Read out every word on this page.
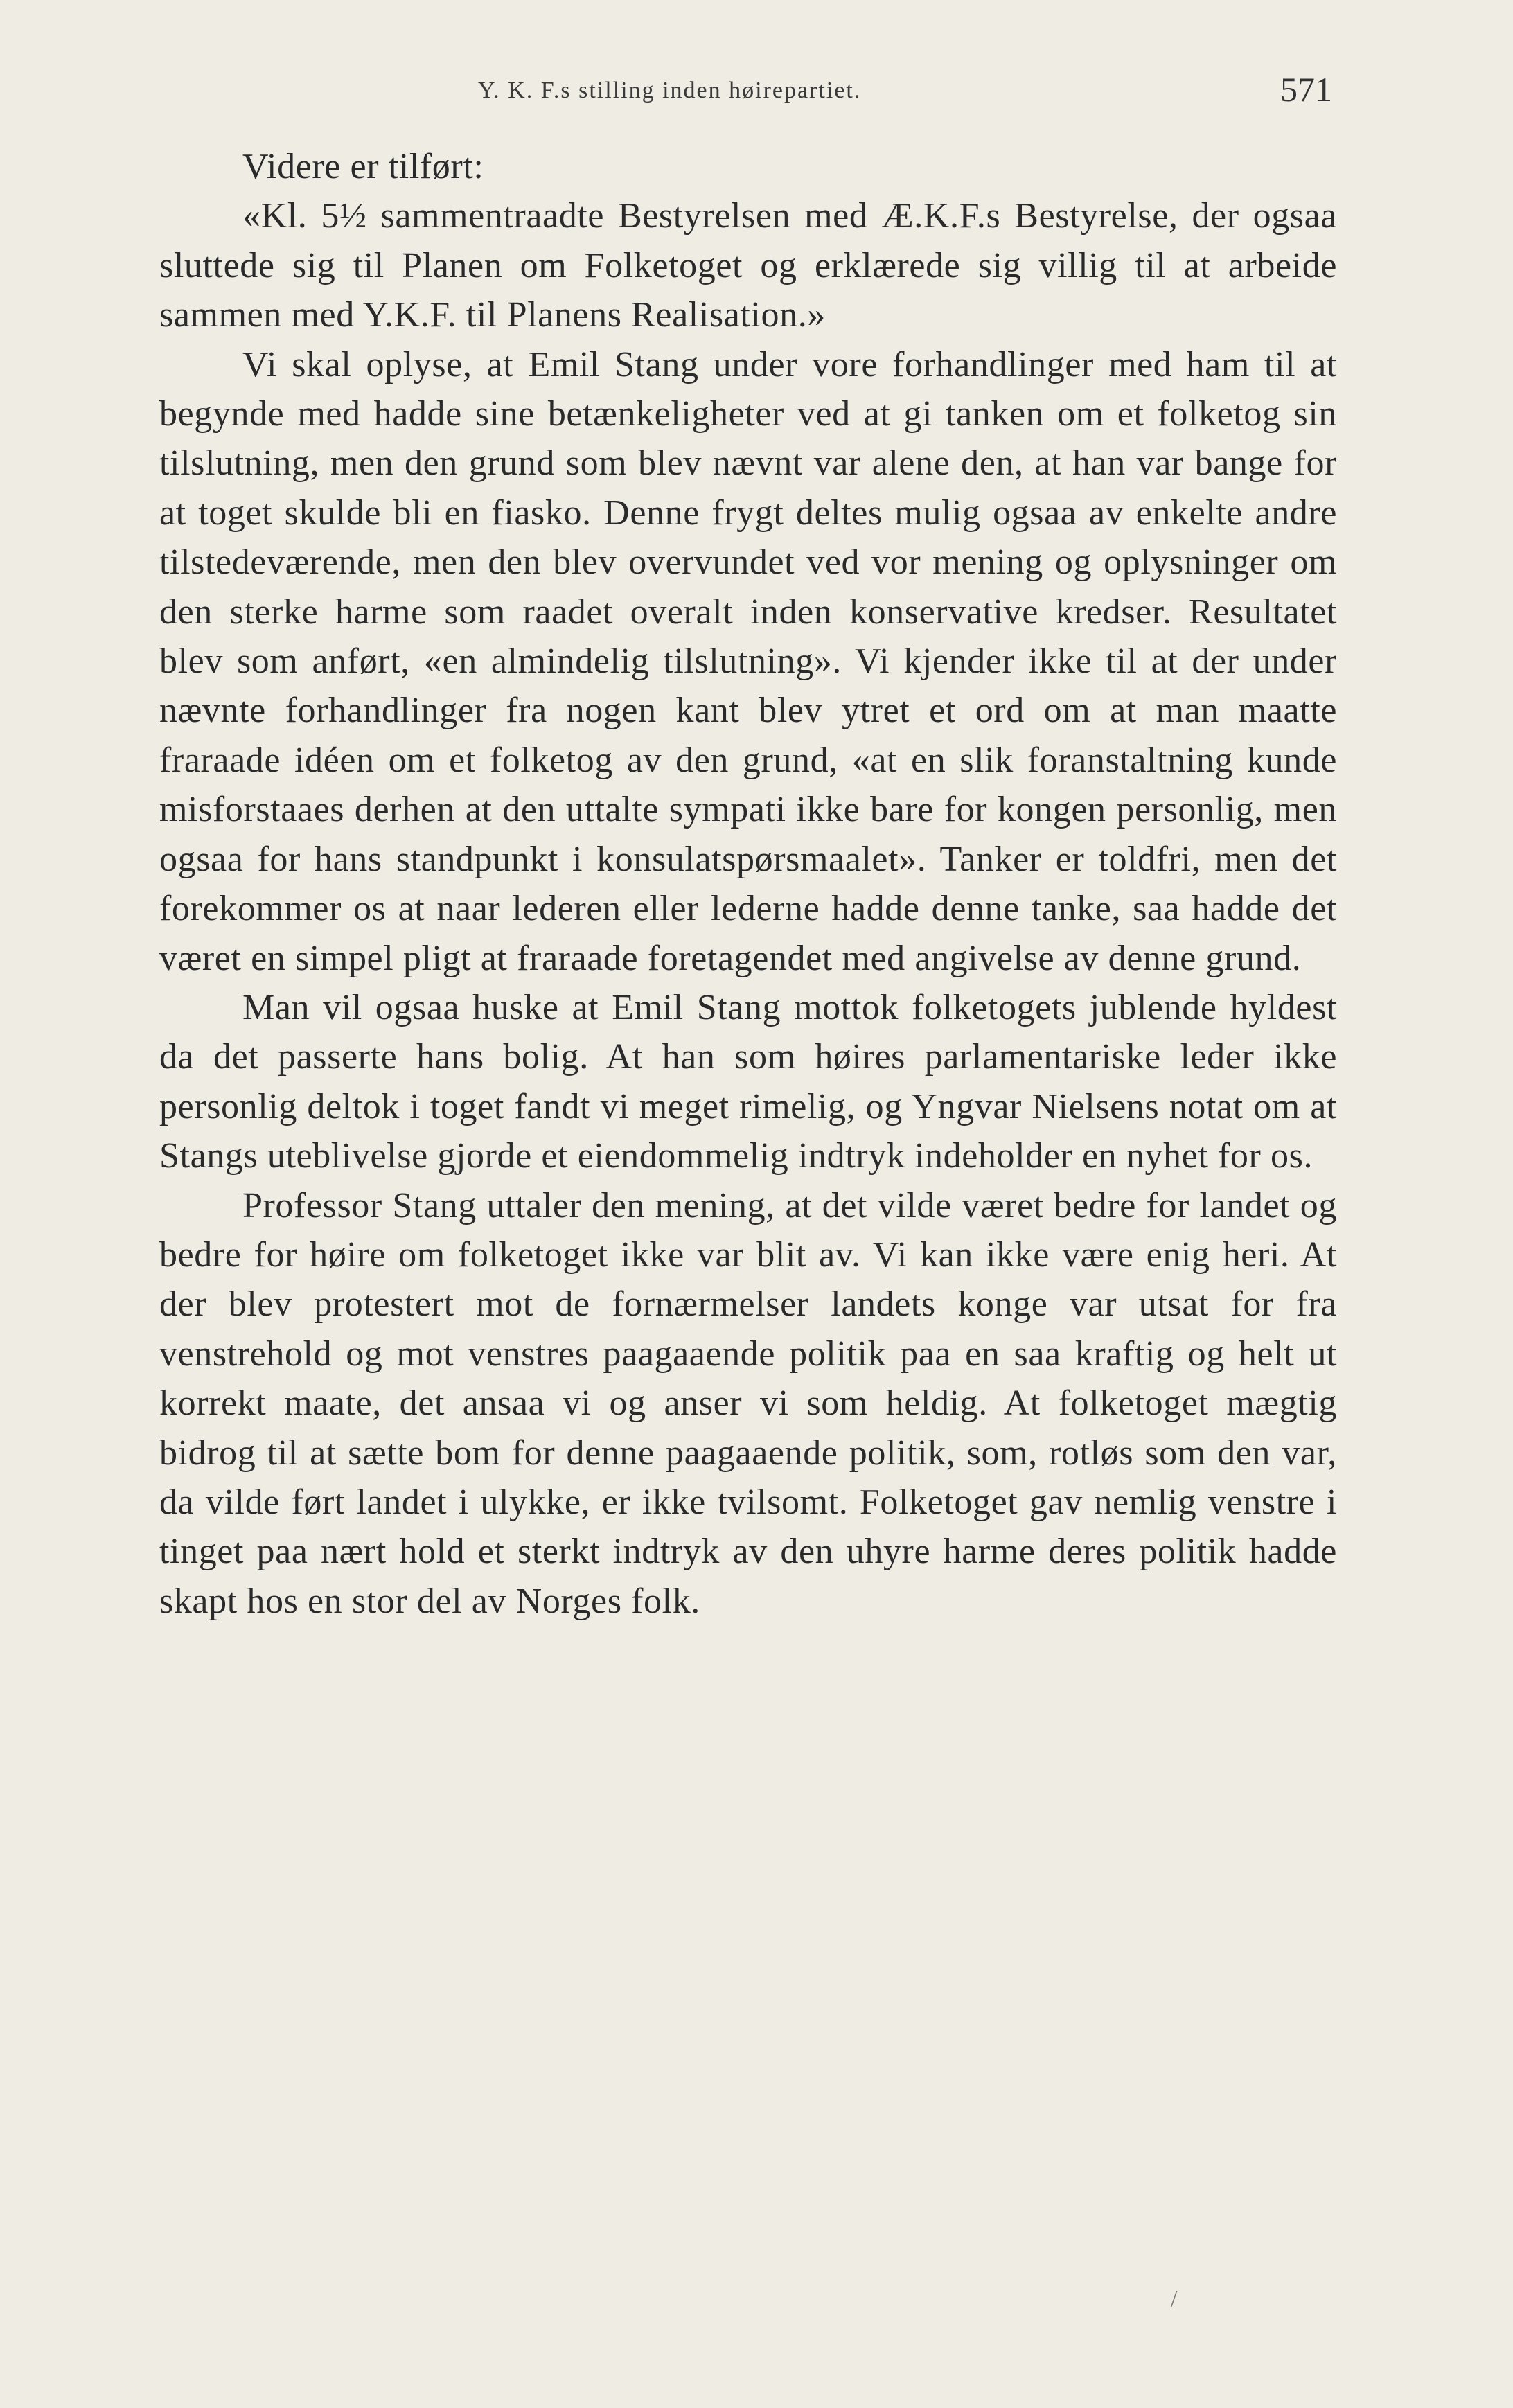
Y. K. F.s stilling inden høirepartiet.	571

Videre er tilført:

«Kl. 5½ sammentraadte Bestyrelsen med Æ.K.F.s Bestyrelse, der ogsaa sluttede sig til Planen om Folketoget og erklærede sig villig til at arbeide sammen med Y.K.F. til Planens Realisation.»

Vi skal oplyse, at Emil Stang under vore forhandlinger med ham til at begynde med hadde sine betænkeligheter ved at gi tanken om et folketog sin tilslutning, men den grund som blev nævnt var alene den, at han var bange for at toget skulde bli en fiasko. Denne frygt deltes mulig ogsaa av enkelte andre tilstedeværende, men den blev overvundet ved vor mening og oplysninger om den sterke harme som raadet overalt inden konservative kredser. Resultatet blev som anført, «en almindelig tilslutning». Vi kjender ikke til at der under nævnte forhandlinger fra nogen kant blev ytret et ord om at man maatte fraraade idéen om et folketog av den grund, «at en slik foranstaltning kunde misforstaaes derhen at den uttalte sympati ikke bare for kongen personlig, men ogsaa for hans standpunkt i konsulatspørsmaalet». Tanker er toldfri, men det forekommer os at naar lederen eller lederne hadde denne tanke, saa hadde det været en simpel pligt at fraraade foretagendet med angivelse av denne grund.

Man vil ogsaa huske at Emil Stang mottok folketogets jublende hyldest da det passerte hans bolig. At han som høires parlamentariske leder ikke personlig deltok i toget fandt vi meget rimelig, og Yngvar Nielsens notat om at Stangs uteblivelse gjorde et eiendommelig indtryk indeholder en nyhet for os.

Professor Stang uttaler den mening, at det vilde været bedre for landet og bedre for høire om folketoget ikke var blit av. Vi kan ikke være enig heri. At der blev protestert mot de fornærmelser landets konge var utsat for fra venstrehold og mot venstres paagaaende politik paa en saa kraftig og helt ut korrekt maate, det ansaa vi og anser vi som heldig. At folketoget mægtig bidrog til at sætte bom for denne paagaaende politik, som, rotløs som den var, da vilde ført landet i ulykke, er ikke tvilsomt. Folketoget gav nemlig venstre i tinget paa nært hold et sterkt indtryk av den uhyre harme deres politik hadde skapt hos en stor del av Norges folk.

/
